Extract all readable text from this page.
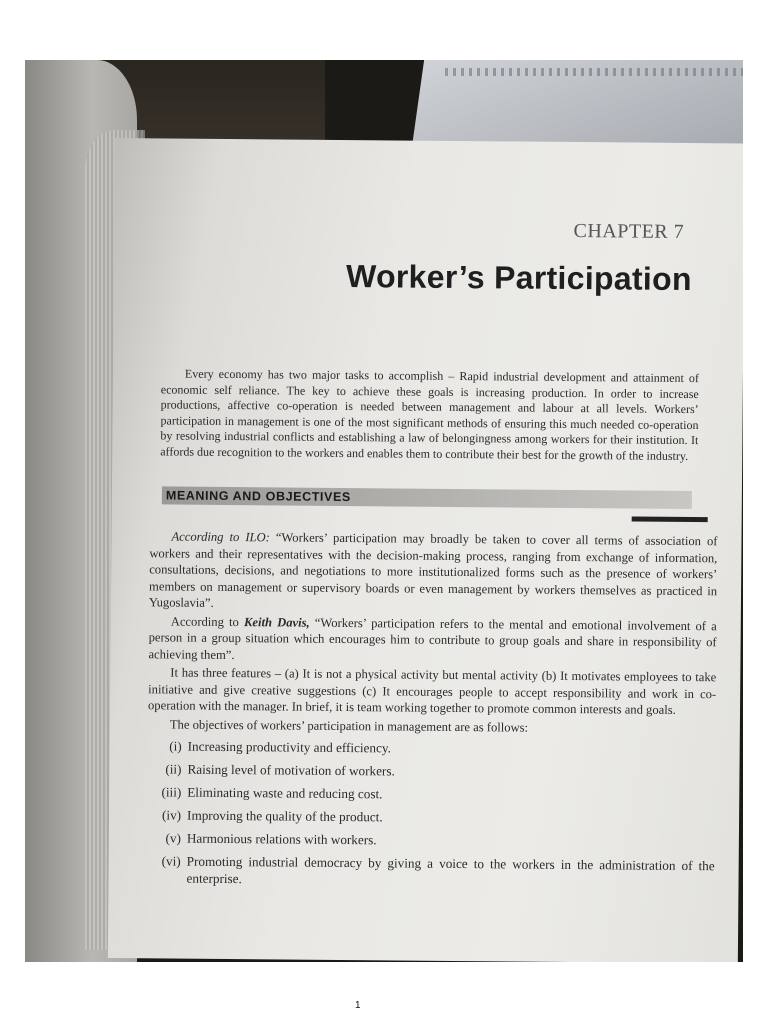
CHAPTER 7
Worker’s Participation

Every economy has two major tasks to accomplish – Rapid industrial development and attainment of economic self reliance. The key to achieve these goals is increasing production. In order to increase productions, affective co-operation is needed between management and labour at all levels. Workers’ participation in management is one of the most significant methods of ensuring this much needed co-operation by resolving industrial conflicts and establishing a law of belongingness among workers for their institution. It affords due recognition to the workers and enables them to contribute their best for the growth of the industry.

MEANING AND OBJECTIVES

According to ILO: “Workers’ participation may broadly be taken to cover all terms of association of workers and their representatives with the decision-making process, ranging from exchange of information, consultations, decisions, and negotiations to more institutionalized forms such as the presence of workers’ members on management or supervisory boards or even management by workers themselves as practiced in Yugoslavia”.

According to Keith Davis, “Workers’ participation refers to the mental and emotional involvement of a person in a group situation which encourages him to contribute to group goals and share in responsibility of achieving them”.

It has three features – (a) It is not a physical activity but mental activity (b) It motivates employees to take initiative and give creative suggestions (c) It encourages people to accept responsibility and work in co-operation with the manager. In brief, it is team working together to promote common interests and goals.

The objectives of workers’ participation in management are as follows:

(i) Increasing productivity and efficiency.
(ii) Raising level of motivation of workers.
(iii) Eliminating waste and reducing cost.
(iv) Improving the quality of the product.
(v) Harmonious relations with workers.
(vi) Promoting industrial democracy by giving a voice to the workers in the administration of the enterprise.
1
